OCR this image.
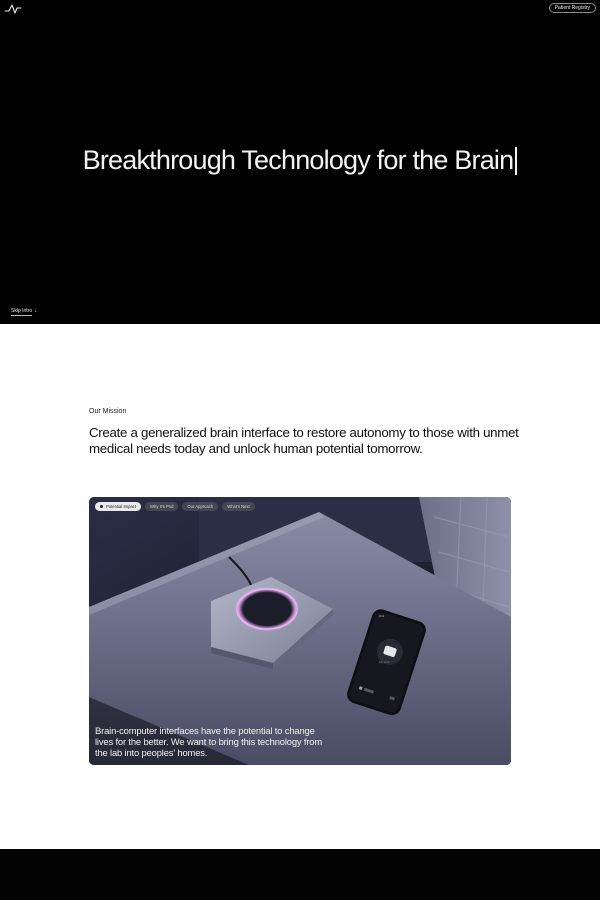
Patient Registry
Breakthrough Technology for the Brain
Skip Intro ↓
Our Mission

Create a generalized brain interface to restore autonomy to those with unmet medical needs today and unlock human potential tomorrow.

Potential Impact	Why It's Pod	Our Approach	What's Next
9:41
My Link

Brain-computer interfaces have the potential to change lives for the better. We want to bring this technology from the lab into peoples' homes.
